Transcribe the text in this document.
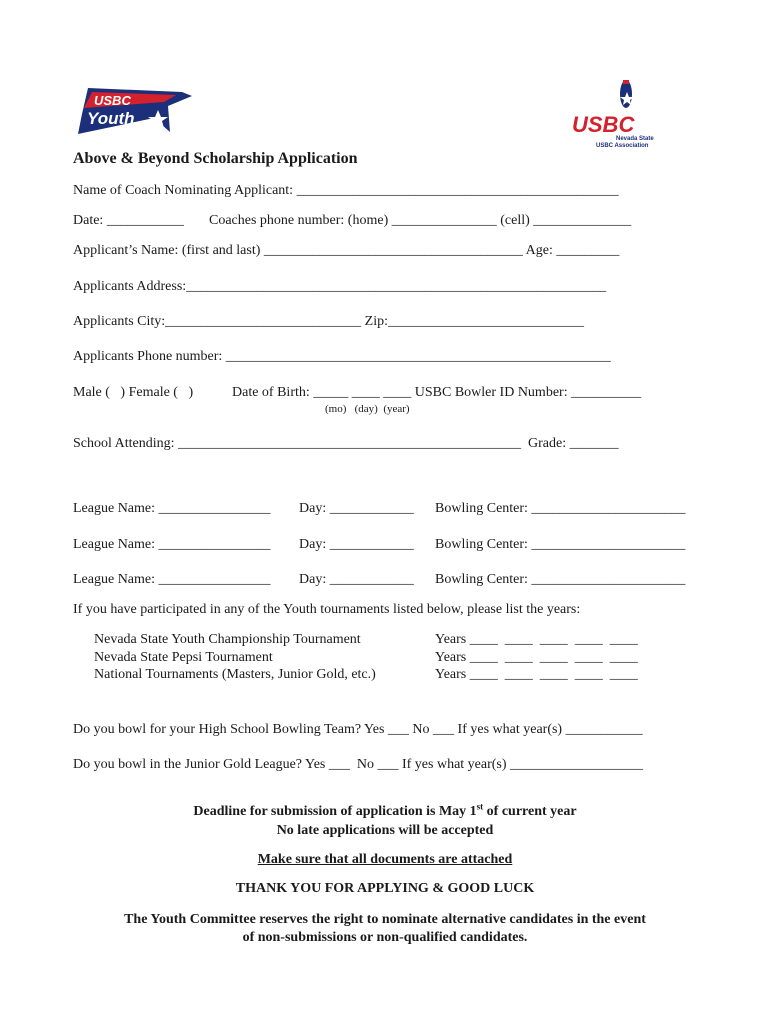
USBC
Youth	USBC
Nevada State
USBC Association
Above & Beyond Scholarship Application
Name of Coach Nominating Applicant: ______________________________________________
Date: ___________ Coaches phone number: (home) _______________ (cell) ______________
Applicant’s Name: (first and last) _____________________________________ Age: _________
Applicants Address:____________________________________________________________
Applicants City:____________________________ Zip:____________________________
Applicants Phone number: _______________________________________________________
Male (   ) Female (   )	Date of Birth: _____ ____ ____ USBC Bowler ID Number: __________
(mo)   (day)  (year)
School Attending: _________________________________________________  Grade: _______
League Name: ________________ Day: ____________ Bowling Center: ______________________
League Name: ________________ Day: ____________ Bowling Center: ______________________
League Name: ________________ Day: ____________ Bowling Center: ______________________
If you have participated in any of the Youth tournaments listed below, please list the years:
Nevada State Youth Championship Tournament	Years ____  ____  ____  ____  ____
Nevada State Pepsi Tournament	Years ____  ____  ____  ____  ____
National Tournaments (Masters, Junior Gold, etc.)	Years ____  ____  ____  ____  ____
Do you bowl for your High School Bowling Team? Yes ___ No ___ If yes what year(s) ___________
Do you bowl in the Junior Gold League? Yes ___  No ___ If yes what year(s) ___________________
Deadline for submission of application is May 1st of current year
No late applications will be accepted
Make sure that all documents are attached
THANK YOU FOR APPLYING & GOOD LUCK
The Youth Committee reserves the right to nominate alternative candidates in the event
of non-submissions or non-qualified candidates.
